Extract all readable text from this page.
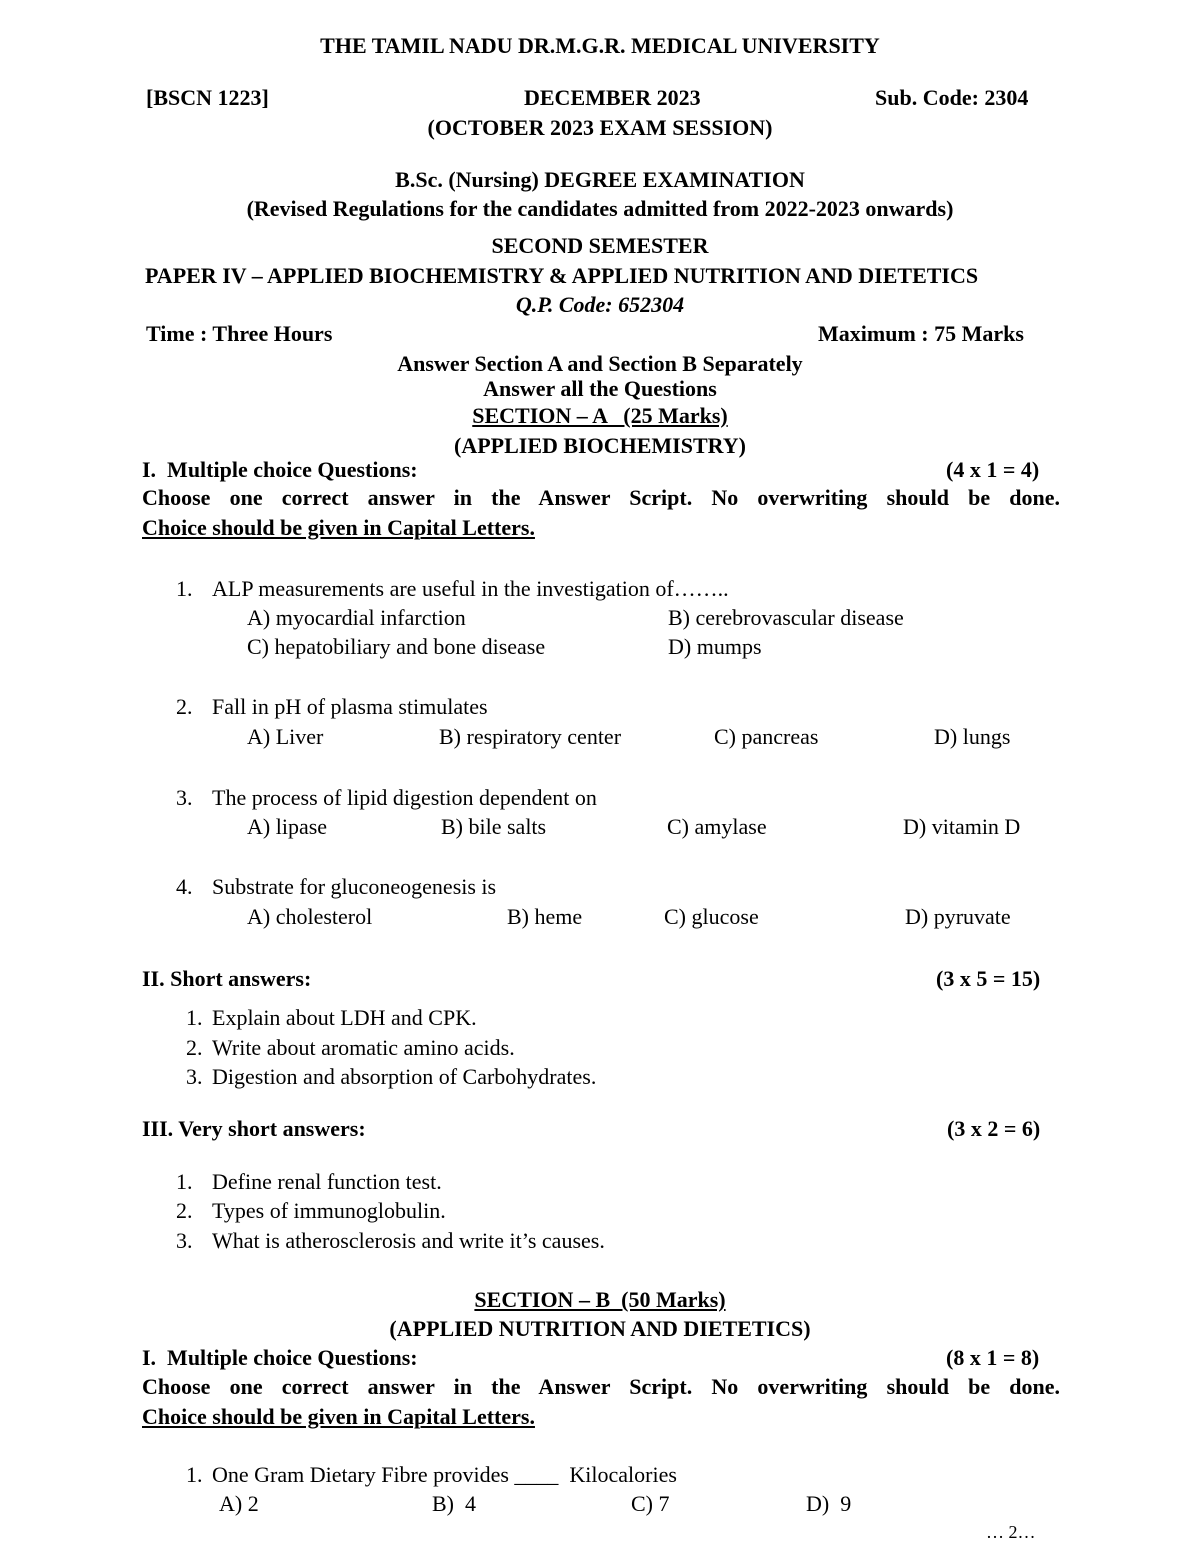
THE TAMIL NADU DR.M.G.R. MEDICAL UNIVERSITY
[BSCN 1223]	DECEMBER 2023	Sub. Code: 2304
(OCTOBER 2023 EXAM SESSION)
B.Sc. (Nursing) DEGREE EXAMINATION
(Revised Regulations for the candidates admitted from 2022-2023 onwards)
SECOND SEMESTER
PAPER IV – APPLIED BIOCHEMISTRY & APPLIED NUTRITION AND DIETETICS
Q.P. Code: 652304
Time : Three Hours	Maximum : 75 Marks
Answer Section A and Section B Separately
Answer all the Questions
SECTION – A   (25 Marks)
(APPLIED BIOCHEMISTRY)
I.  Multiple choice Questions:	(4 x 1 = 4)
Choose one correct answer in the Answer Script. No overwriting should be done.
Choice should be given in Capital Letters.
1. ALP measurements are useful in the investigation of……..
A) myocardial infarction	B) cerebrovascular disease
C) hepatobiliary and bone disease	D) mumps
2. Fall in pH of plasma stimulates
A) Liver	B) respiratory center	C) pancreas	D) lungs
3. The process of lipid digestion dependent on
A) lipase	B) bile salts	C) amylase	D) vitamin D
4. Substrate for gluconeogenesis is
A) cholesterol	B) heme	C) glucose	D) pyruvate
II. Short answers:	(3 x 5 = 15)
1. Explain about LDH and CPK.
2. Write about aromatic amino acids.
3. Digestion and absorption of Carbohydrates.
III. Very short answers:	(3 x 2 = 6)
1. Define renal function test.
2. Types of immunoglobulin.
3. What is atherosclerosis and write it’s causes.
SECTION – B  (50 Marks)
(APPLIED NUTRITION AND DIETETICS)
I.  Multiple choice Questions:	(8 x 1 = 8)
Choose one correct answer in the Answer Script. No overwriting should be done.
Choice should be given in Capital Letters.
1. One Gram Dietary Fibre provides ____  Kilocalories
A) 2	B)  4	C) 7	D)  9
… 2…
